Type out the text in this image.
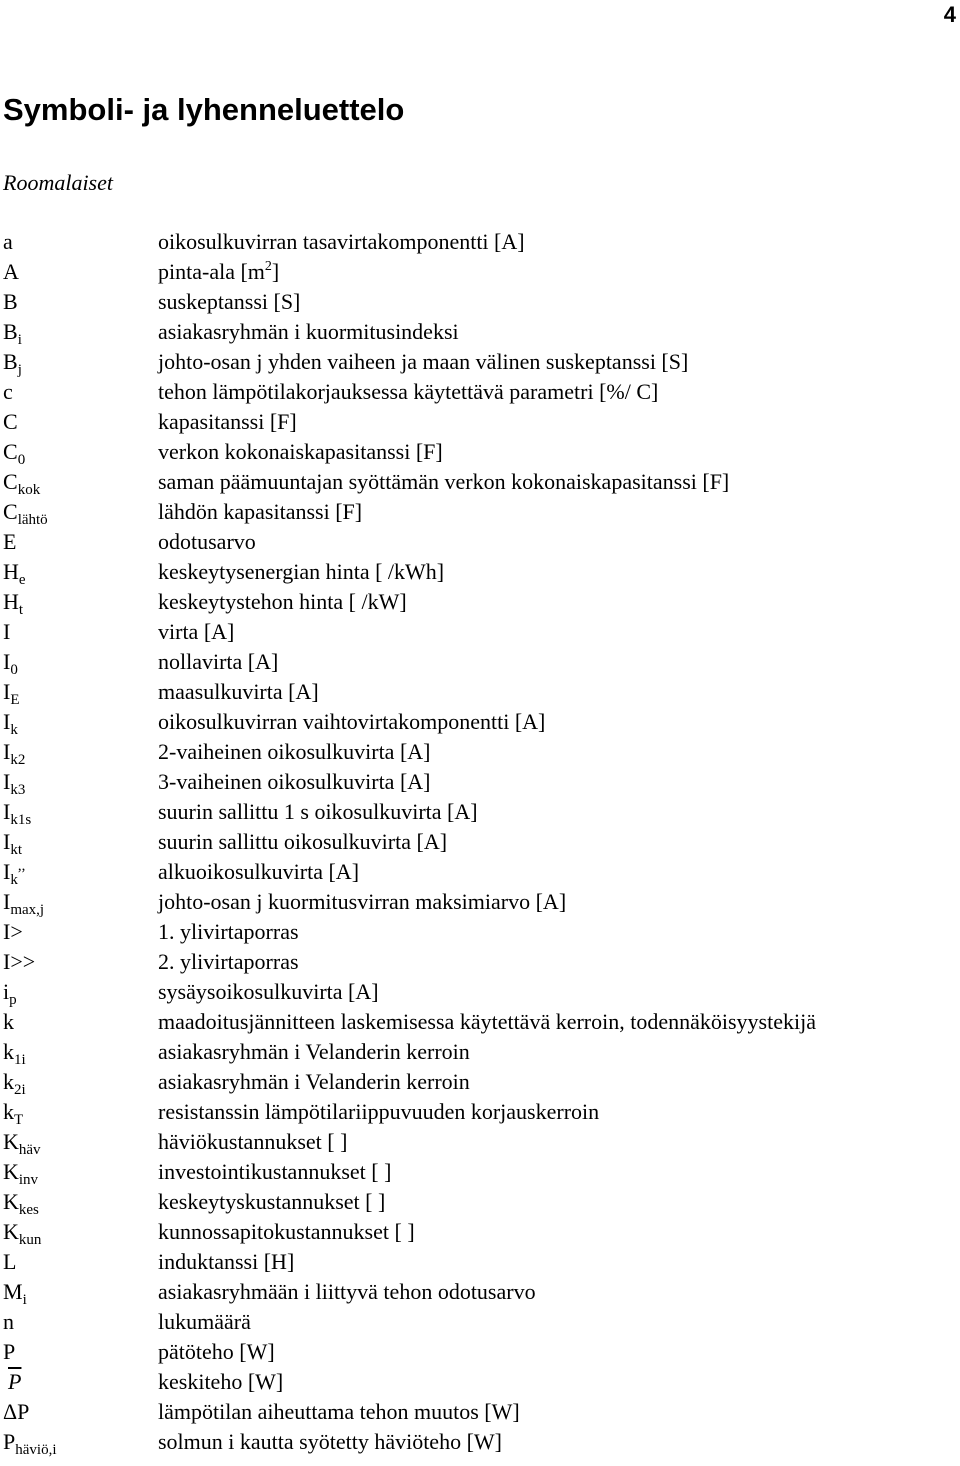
4
Symboli- ja lyhenneluettelo
Roomalaiset
a	oikosulkuvirran tasavirtakomponentti [A]
A	pinta-ala $[m^2]$
B	suskeptanssi [S]
$B_i$	asiakasryhmän i kuormitusindeksi
$B_j$	johto-osan j yhden vaiheen ja maan välinen suskeptanssi [S]
c	tehon lämpötilakorjauksessa käytettävä parametri [%/ C]
C	kapasitanssi [F]
$C_0$	verkon kokonaiskapasitanssi [F]
$C_{kok}$	saman päämuuntajan syöttämän verkon kokonaiskapasitanssi [F]
$C_{lähtö}$	lähdön kapasitanssi [F]
E	odotusarvo
$H_e$	keskeytysenergian hinta [ /kWh]
$H_t$	keskeytystehon hinta [ /kW]
I	virta [A]
$I_0$	nollavirta [A]
$I_E$	maasulkuvirta [A]
$I_k$	oikosulkuvirran vaihtovirtakomponentti [A]
$I_{k2}$	2-vaiheinen oikosulkuvirta [A]
$I_{k3}$	3-vaiheinen oikosulkuvirta [A]
$I_{k1s}$	suurin sallittu 1 s oikosulkuvirta [A]
$I_{kt}$	suurin sallittu oikosulkuvirta [A]
$I_k^{,,}$	alkuoikosulkuvirta [A]
$I_{max,j}$	johto-osan j kuormitusvirran maksimiarvo [A]
I>	1. ylivirtaporras
I>>	2. ylivirtaporras
$i_p$	sysäysoikosulkuvirta [A]
k	maadoitusjännitteen laskemisessa käytettävä kerroin, todennäköisyystekijä
$k_{1i}$	asiakasryhmän i Velanderin kerroin
$k_{2i}$	asiakasryhmän i Velanderin kerroin
$k_T$	resistanssin lämpötilariippuvuuden korjauskerroin
$K_{häv}$	häviökustannukset [ ]
$K_{inv}$	investointikustannukset [ ]
$K_{kes}$	keskeytyskustannukset [ ]
$K_{kun}$	kunnossapitokustannukset [ ]
L	induktanssi [H]
$M_i$	asiakasryhmään i liittyvä tehon odotusarvo
n	lukumäärä
P	pätöteho [W]
$\overline{P}$	keskiteho [W]
ΔP	lämpötilan aiheuttama tehon muutos [W]
$P_{häviö,i}$	solmun i kautta syötetty häviöteho [W]
